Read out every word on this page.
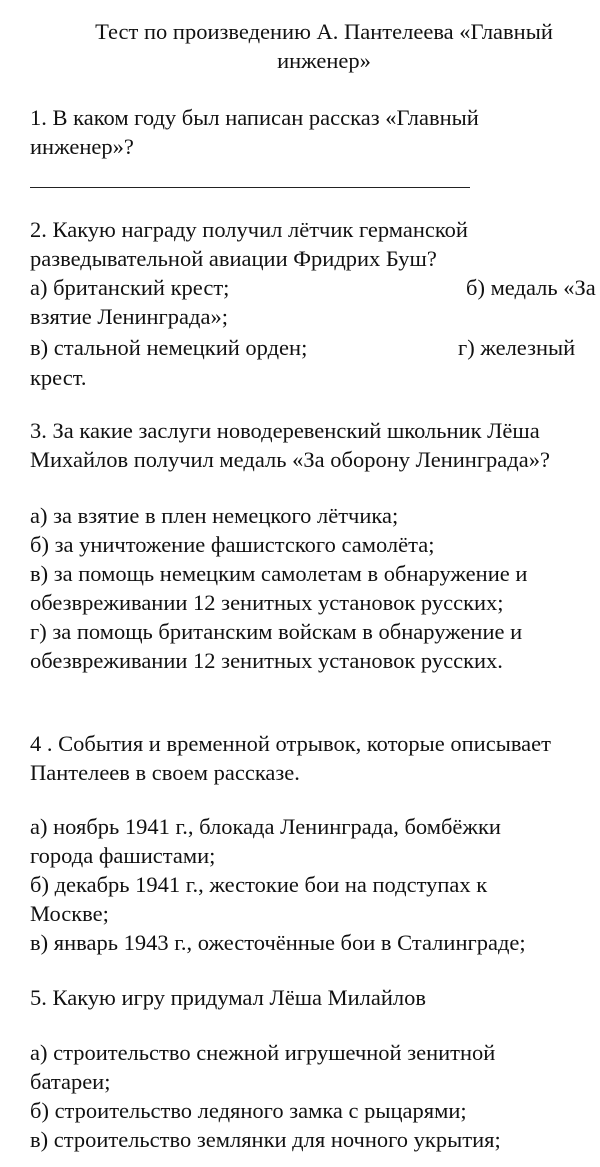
Тест по произведению А. Пантелеева «Главный
инженер»
1. В каком году был написан рассказ «Главный
инженер»?
2. Какую награду получил лётчик германской
разведывательной авиации Фридрих Буш?
а) британский крест;	б) медаль «За
взятие Ленинграда»;
в) стальной немецкий орден;	г) железный
крест.
3. За какие заслуги новодеревенский школьник Лёша
Михайлов получил медаль «За оборону Ленинграда»?
а) за взятие в плен немецкого лётчика;
б) за уничтожение фашистского самолёта;
в) за помощь немецким самолетам в обнаружение и
обезвреживании 12 зенитных установок русских;
г) за помощь британским войскам в обнаружение и
обезвреживании 12 зенитных установок русских.
4 . События и временной отрывок, которые описывает
Пантелеев в своем рассказе.
а) ноябрь 1941 г., блокада Ленинграда, бомбёжки
города фашистами;
б) декабрь 1941 г., жестокие бои на подступах к
Москве;
в) январь 1943 г., ожесточённые бои в Сталинграде;
5. Какую игру придумал Лёша Милайлов
а) строительство снежной игрушечной зенитной
батареи;
б) строительство ледяного замка с рыцарями;
в) строительство землянки для ночного укрытия;
